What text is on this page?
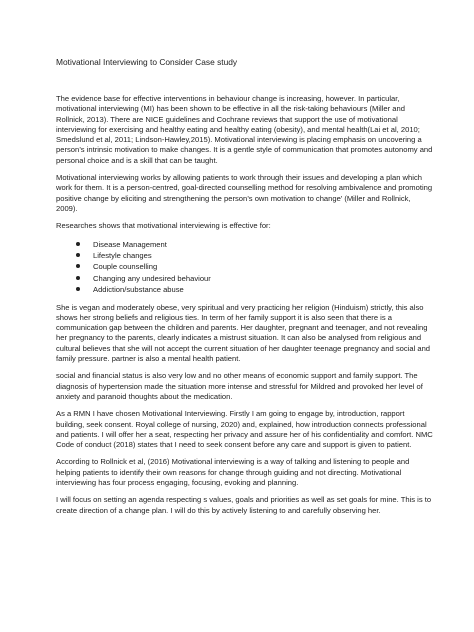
Motivational Interviewing to Consider Case study

The evidence base for effective interventions in behaviour change is increasing, however. In particular, motivational interviewing (MI) has been shown to be effective in all the risk-taking behaviours (Miller and Rollnick, 2013). There are NICE guidelines and Cochrane reviews that support the use of motivational interviewing for exercising and healthy eating and healthy eating (obesity), and mental health(Lai et al, 2010; Smedslund et al, 2011; Lindson-Hawley,2015). Motivational interviewing is placing emphasis on uncovering a person’s intrinsic motivation to make changes. It is a gentle style of communication that promotes autonomy and personal choice and is a skill that can be taught.

Motivational interviewing works by allowing patients to work through their issues and developing a plan which work for them. It is a person-centred, goal-directed counselling method for resolving ambivalence and promoting positive change by eliciting and strengthening the person’s own motivation to change’ (Miller and Rollnick, 2009).

Researches shows that motivational interviewing is effective for:

Disease Management
Lifestyle changes
Couple counselling
Changing any undesired behaviour
Addiction/substance abuse

She is vegan and moderately obese, very spiritual and very practicing her religion (Hinduism) strictly, this also shows her strong beliefs and religious ties. In term of her family support it is also seen that there is a communication gap between the children and parents. Her daughter, pregnant and teenager, and not revealing her pregnancy to the parents, clearly indicates a mistrust situation. It can also be analysed from religious and cultural believes that she will not accept the current situation of her daughter teenage pregnancy and social and family pressure. partner is also a mental health patient.

social and financial status is also very low and no other means of economic support and family support. The diagnosis of hypertension made the situation more intense and stressful for Mildred and provoked her level of anxiety and paranoid thoughts about the medication.

As a RMN I have chosen Motivational Interviewing. Firstly I am going to engage by, introduction, rapport building, seek consent. Royal college of nursing, 2020) and, explained, how introduction connects professional and patients. I will offer her a seat, respecting her privacy and assure her of his confidentiality and comfort. NMC Code of conduct (2018) states that I need to seek consent before any care and support is given to patient.

According to Rollnick et al, (2016) Motivational interviewing is a way of talking and listening to people and helping patients to identify their own reasons for change through guiding and not directing. Motivational interviewing has four process engaging, focusing, evoking and planning.

I will focus on setting an agenda respecting s values, goals and priorities as well as set goals for mine. This is to create direction of a change plan. I will do this by actively listening to and carefully observing her.
